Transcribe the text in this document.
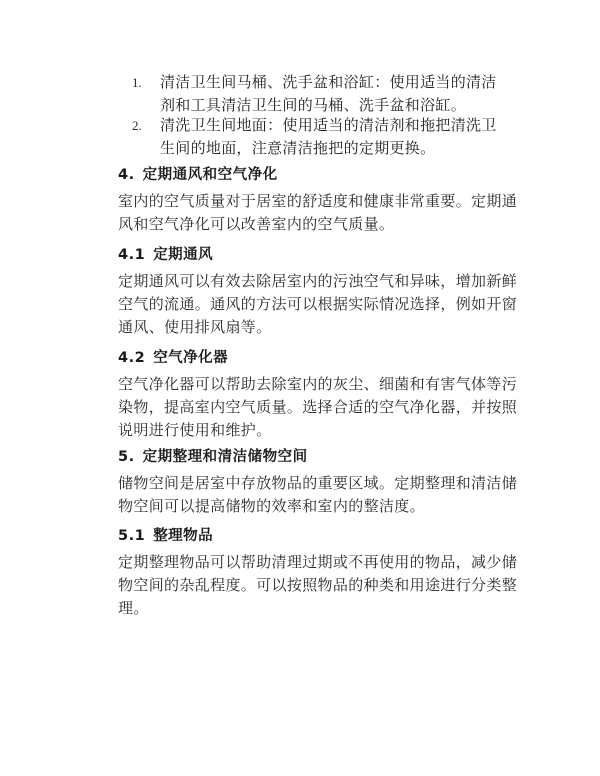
1. 清洁卫生间马桶、洗手盆和浴缸：使用适当的清洁剂和工具清洁卫生间的马桶、洗手盆和浴缸。
2. 清洗卫生间地面：使用适当的清洁剂和拖把清洗卫生间的地面，注意清洁拖把的定期更换。
4. 定期通风和空气净化
室内的空气质量对于居室的舒适度和健康非常重要。定期通风和空气净化可以改善室内的空气质量。
4.1 定期通风
定期通风可以有效去除居室内的污浊空气和异味，增加新鲜空气的流通。通风的方法可以根据实际情况选择，例如开窗通风、使用排风扇等。
4.2 空气净化器
空气净化器可以帮助去除室内的灰尘、细菌和有害气体等污染物，提高室内空气质量。选择合适的空气净化器，并按照说明进行使用和维护。
5. 定期整理和清洁储物空间
储物空间是居室中存放物品的重要区域。定期整理和清洁储物空间可以提高储物的效率和室内的整洁度。
5.1 整理物品
定期整理物品可以帮助清理过期或不再使用的物品，减少储物空间的杂乱程度。可以按照物品的种类和用途进行分类整理。
